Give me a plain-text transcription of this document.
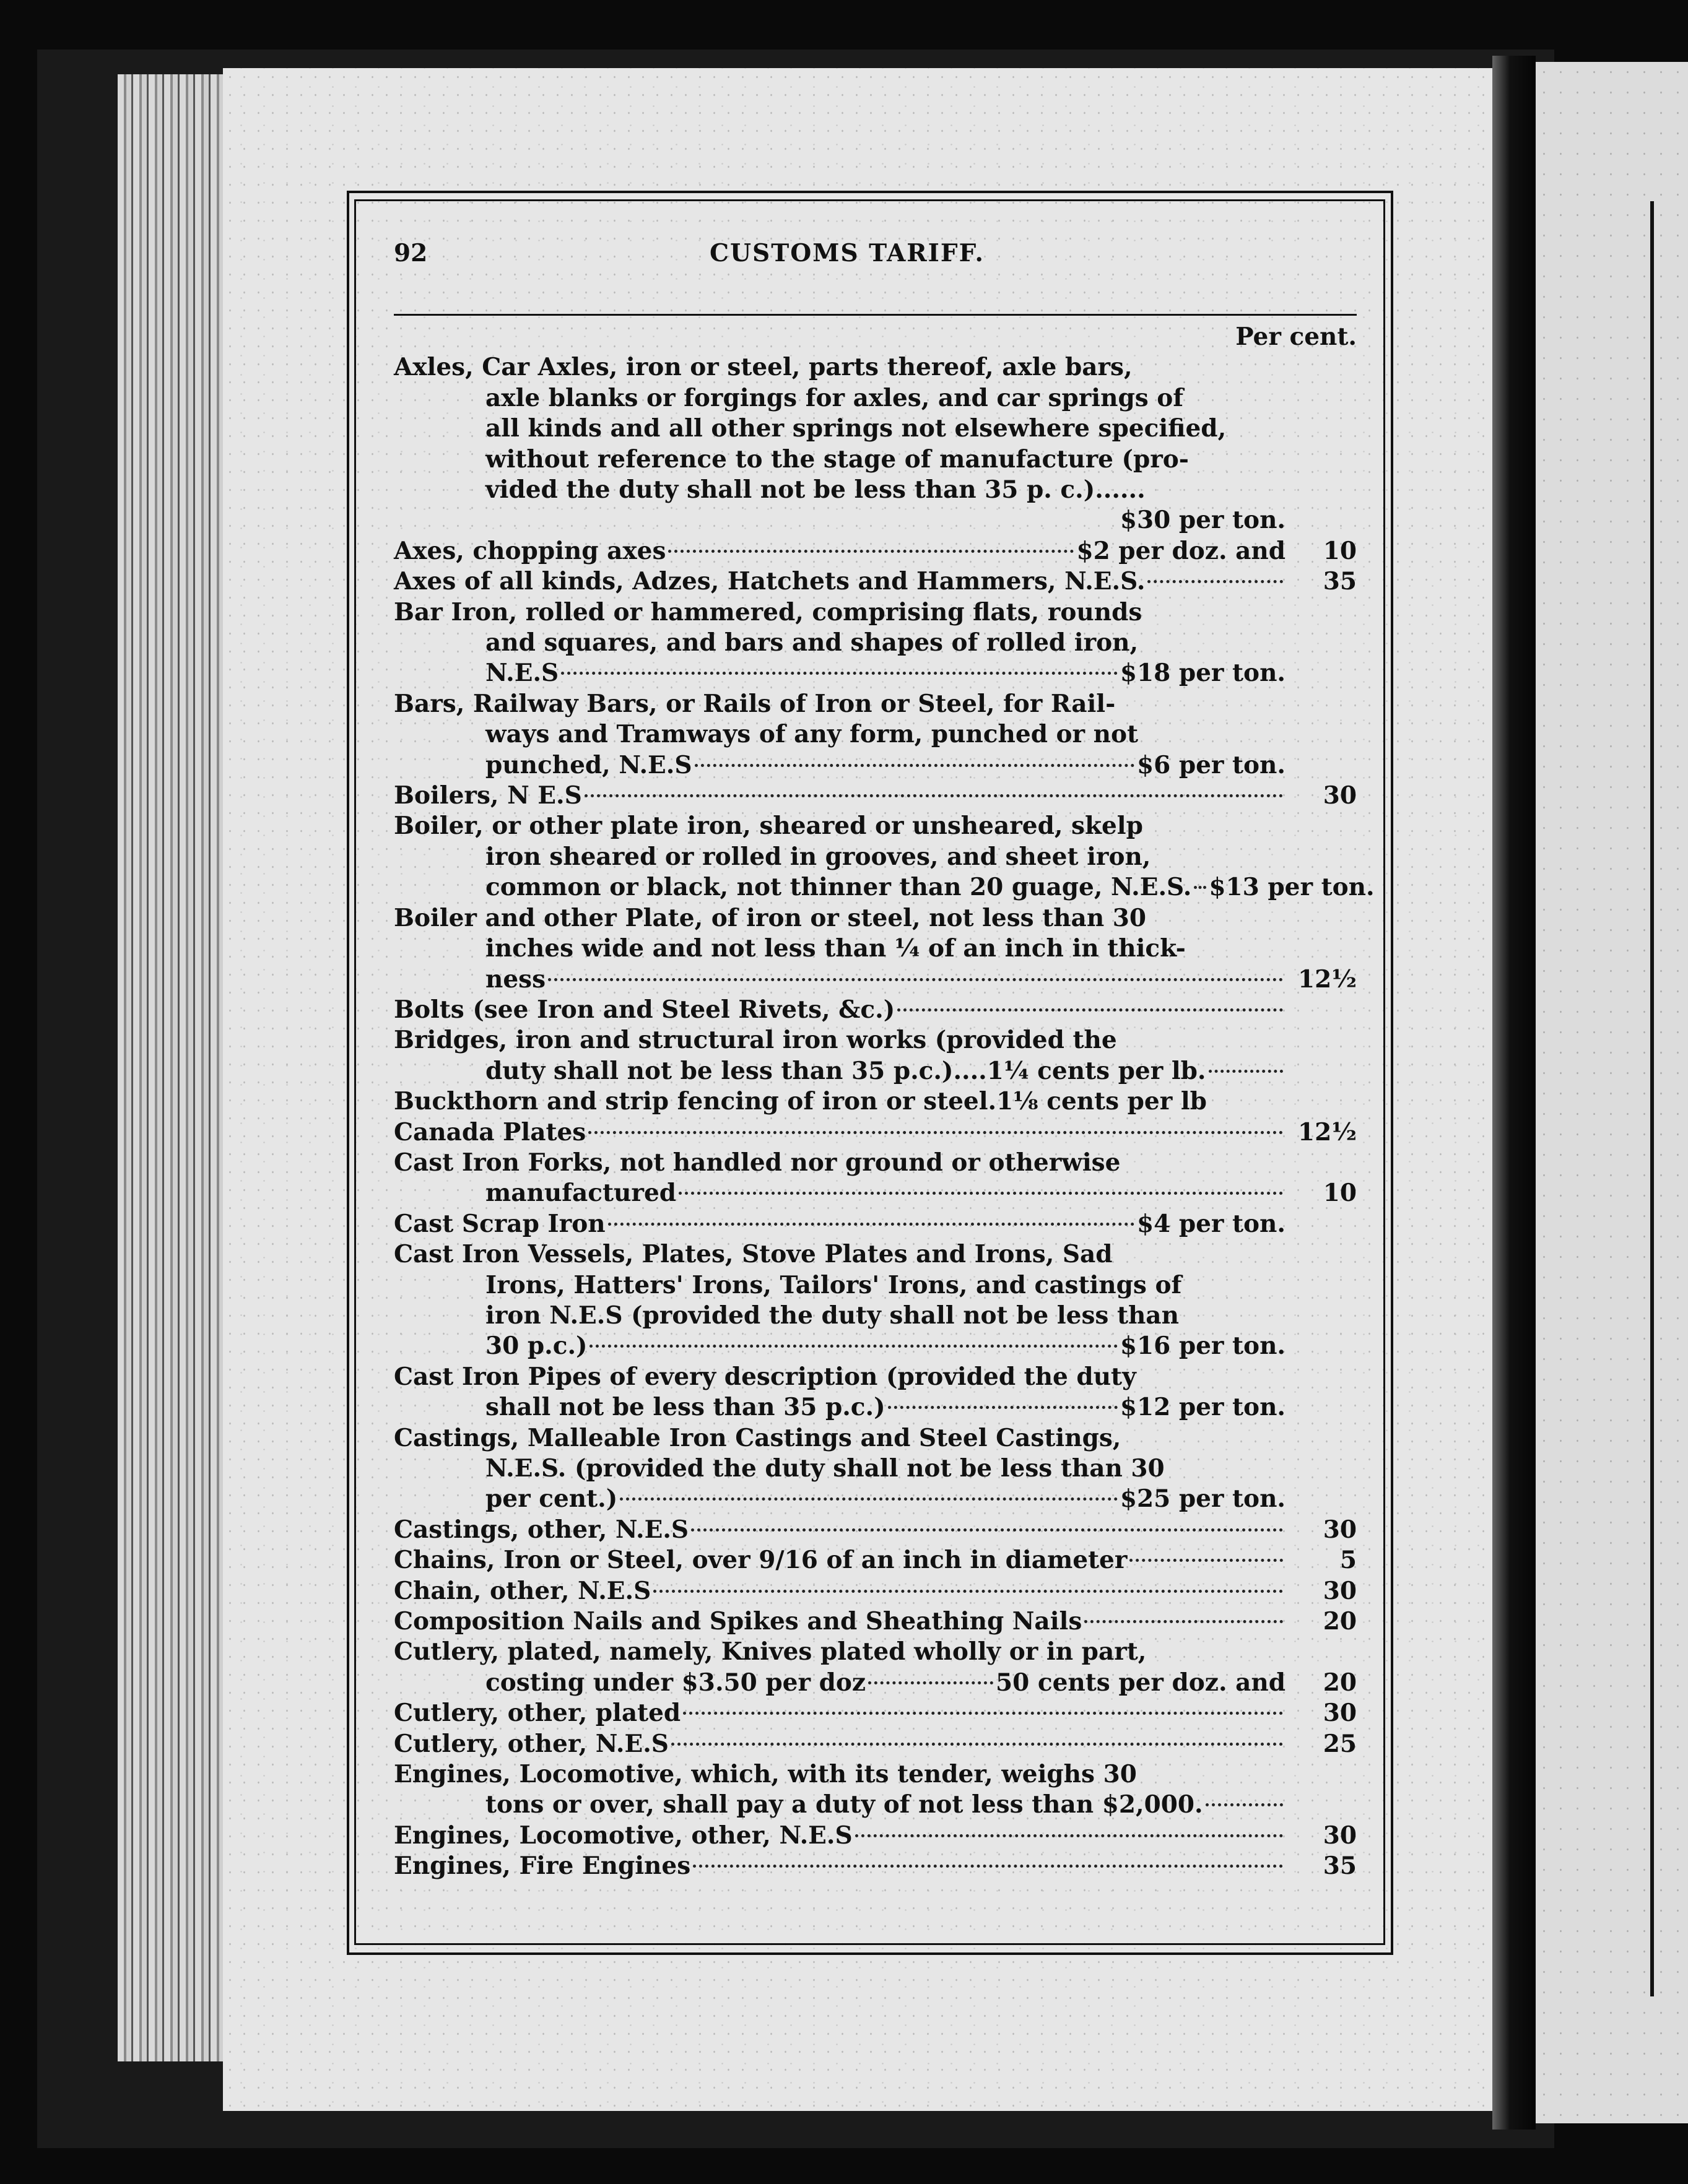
92	CUSTOMS TARIFF.
Per cent.
Axles, Car Axles, iron or steel, parts thereof, axle bars,
axle blanks or forgings for axles, and car springs of
all kinds and all other springs not elsewhere specified,
without reference to the stage of manufacture (pro-
vided the duty shall not be less than 35 p. c.)......
$30 per ton.
Axes, chopping axes	$2 per doz. and	10
Axes of all kinds, Adzes, Hatchets and Hammers, N.E.S.	35
Bar Iron, rolled or hammered, comprising flats, rounds
and squares, and bars and shapes of rolled iron,
N.E.S	$18 per ton.
Bars, Railway Bars, or Rails of Iron or Steel, for Rail-
ways and Tramways of any form, punched or not
punched, N.E.S	$6 per ton.
Boilers, N E.S	30
Boiler, or other plate iron, sheared or unsheared, skelp
iron sheared or rolled in grooves, and sheet iron,
common or black, not thinner than 20 guage, N.E.S. $13 per ton.
Boiler and other Plate, of iron or steel, not less than 30
inches wide and not less than ¼ of an inch in thick-
ness	12½
Bolts (see Iron and Steel Rivets, &c.)
Bridges, iron and structural iron works (provided the
duty shall not be less than 35 p.c.)....1¼ cents per lb.
Buckthorn and strip fencing of iron or steel.1⅛ cents per lb
Canada Plates	12½
Cast Iron Forks, not handled nor ground or otherwise
manufactured	10
Cast Scrap Iron	$4 per ton.
Cast Iron Vessels, Plates, Stove Plates and Irons, Sad
Irons, Hatters' Irons, Tailors' Irons, and castings of
iron N.E.S (provided the duty shall not be less than
30 p.c.)	$16 per ton.
Cast Iron Pipes of every description (provided the duty
shall not be less than 35 p.c.)	$12 per ton.
Castings, Malleable Iron Castings and Steel Castings,
N.E.S. (provided the duty shall not be less than 30
per cent.)	$25 per ton.
Castings, other, N.E.S	30
Chains, Iron or Steel, over 9/16 of an inch in diameter	5
Chain, other, N.E.S	30
Composition Nails and Spikes and Sheathing Nails	20
Cutlery, plated, namely, Knives plated wholly or in part,
costing under $3.50 per doz	50 cents per doz. and	20
Cutlery, other, plated	30
Cutlery, other, N.E.S	25
Engines, Locomotive, which, with its tender, weighs 30
tons or over, shall pay a duty of not less than $2,000.
Engines, Locomotive, other, N.E.S	30
Engines, Fire Engines	35
